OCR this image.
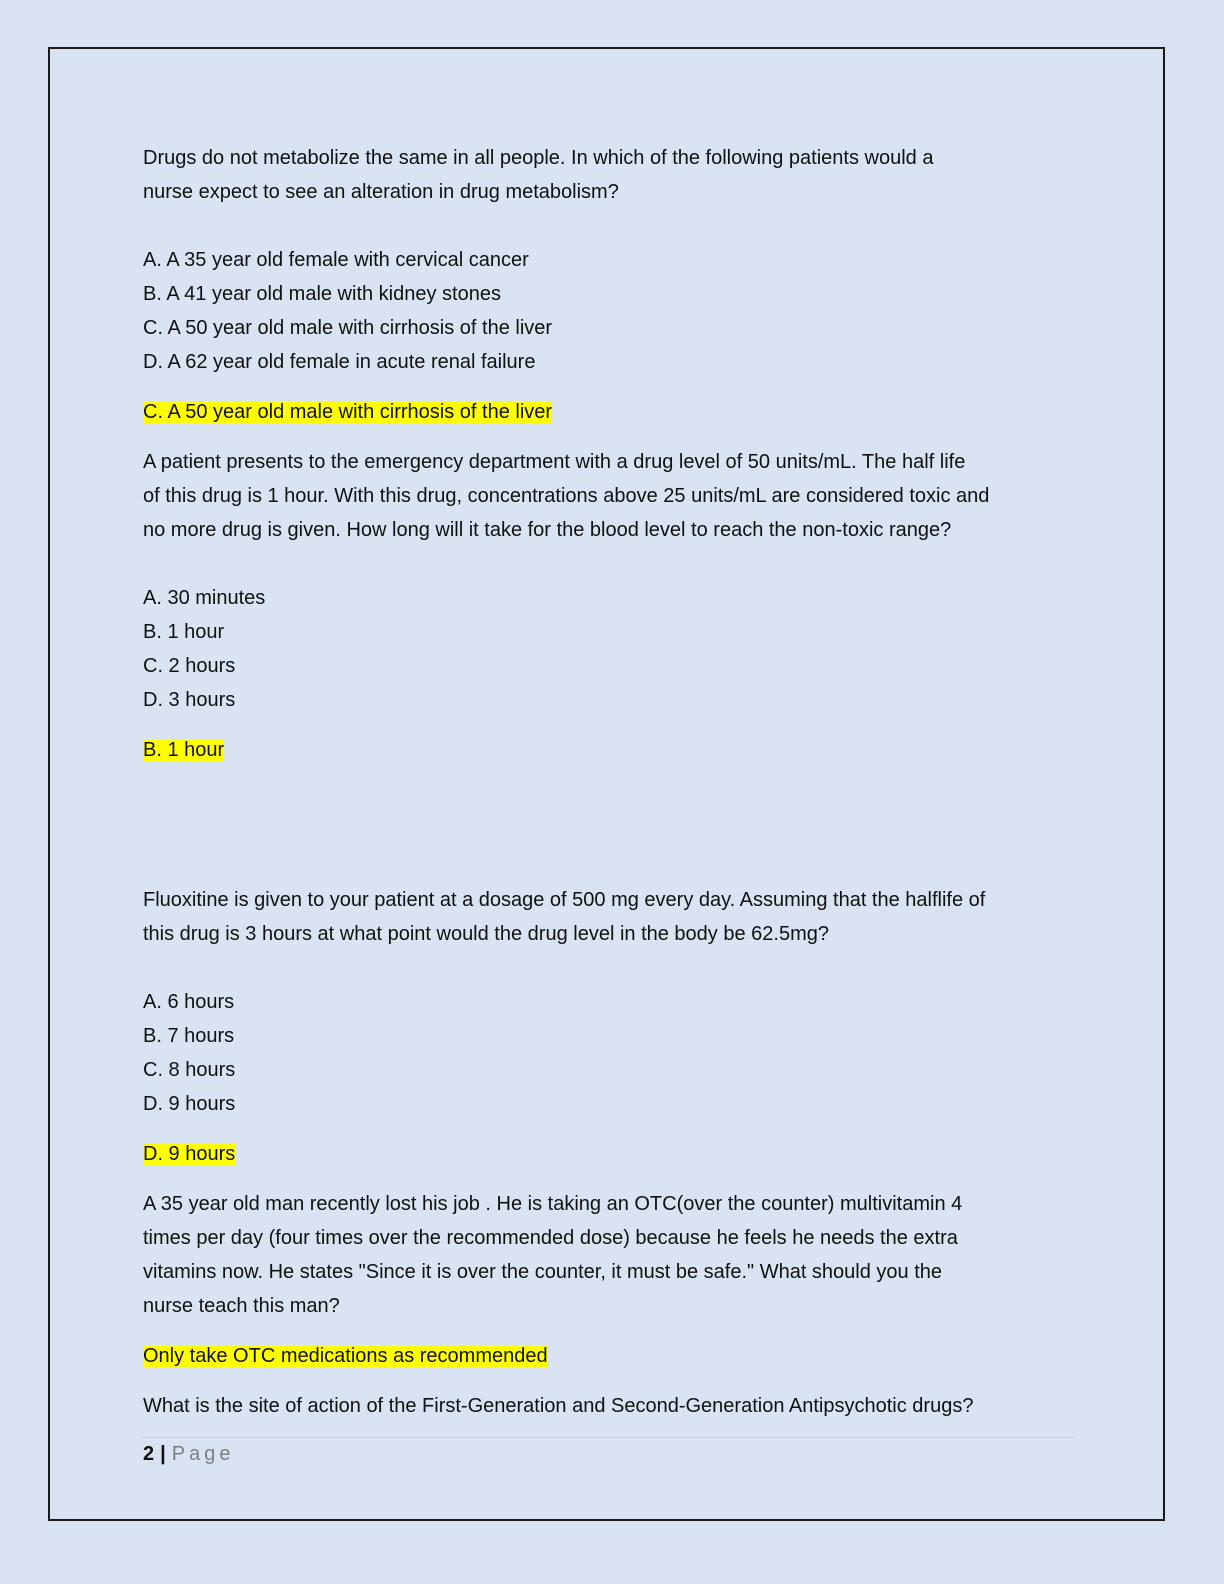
Drugs do not metabolize the same in all people. In which of the following patients would a

nurse expect to see an alteration in drug metabolism?

A. A 35 year old female with cervical cancer

B. A 41 year old male with kidney stones

C. A 50 year old male with cirrhosis of the liver

D. A 62 year old female in acute renal failure

C. A 50 year old male with cirrhosis of the liver

A patient presents to the emergency department with a drug level of 50 units/mL. The half life

of this drug is 1 hour. With this drug, concentrations above 25 units/mL are considered toxic and

no more drug is given. How long will it take for the blood level to reach the non-toxic range?

A. 30 minutes

B. 1 hour

C. 2 hours

D. 3 hours

B. 1 hour

Fluoxitine is given to your patient at a dosage of 500 mg every day. Assuming that the halflife of

this drug is 3 hours at what point would the drug level in the body be 62.5mg?

A. 6 hours

B. 7 hours

C. 8 hours

D. 9 hours

D. 9 hours

A 35 year old man recently lost his job . He is taking an OTC(over the counter) multivitamin 4

times per day (four times over the recommended dose) because he feels he needs the extra

vitamins now. He states "Since it is over the counter, it must be safe." What should you the

nurse teach this man?

Only take OTC medications as recommended

What is the site of action of the First-Generation and Second-Generation Antipsychotic drugs?

2 | Page
